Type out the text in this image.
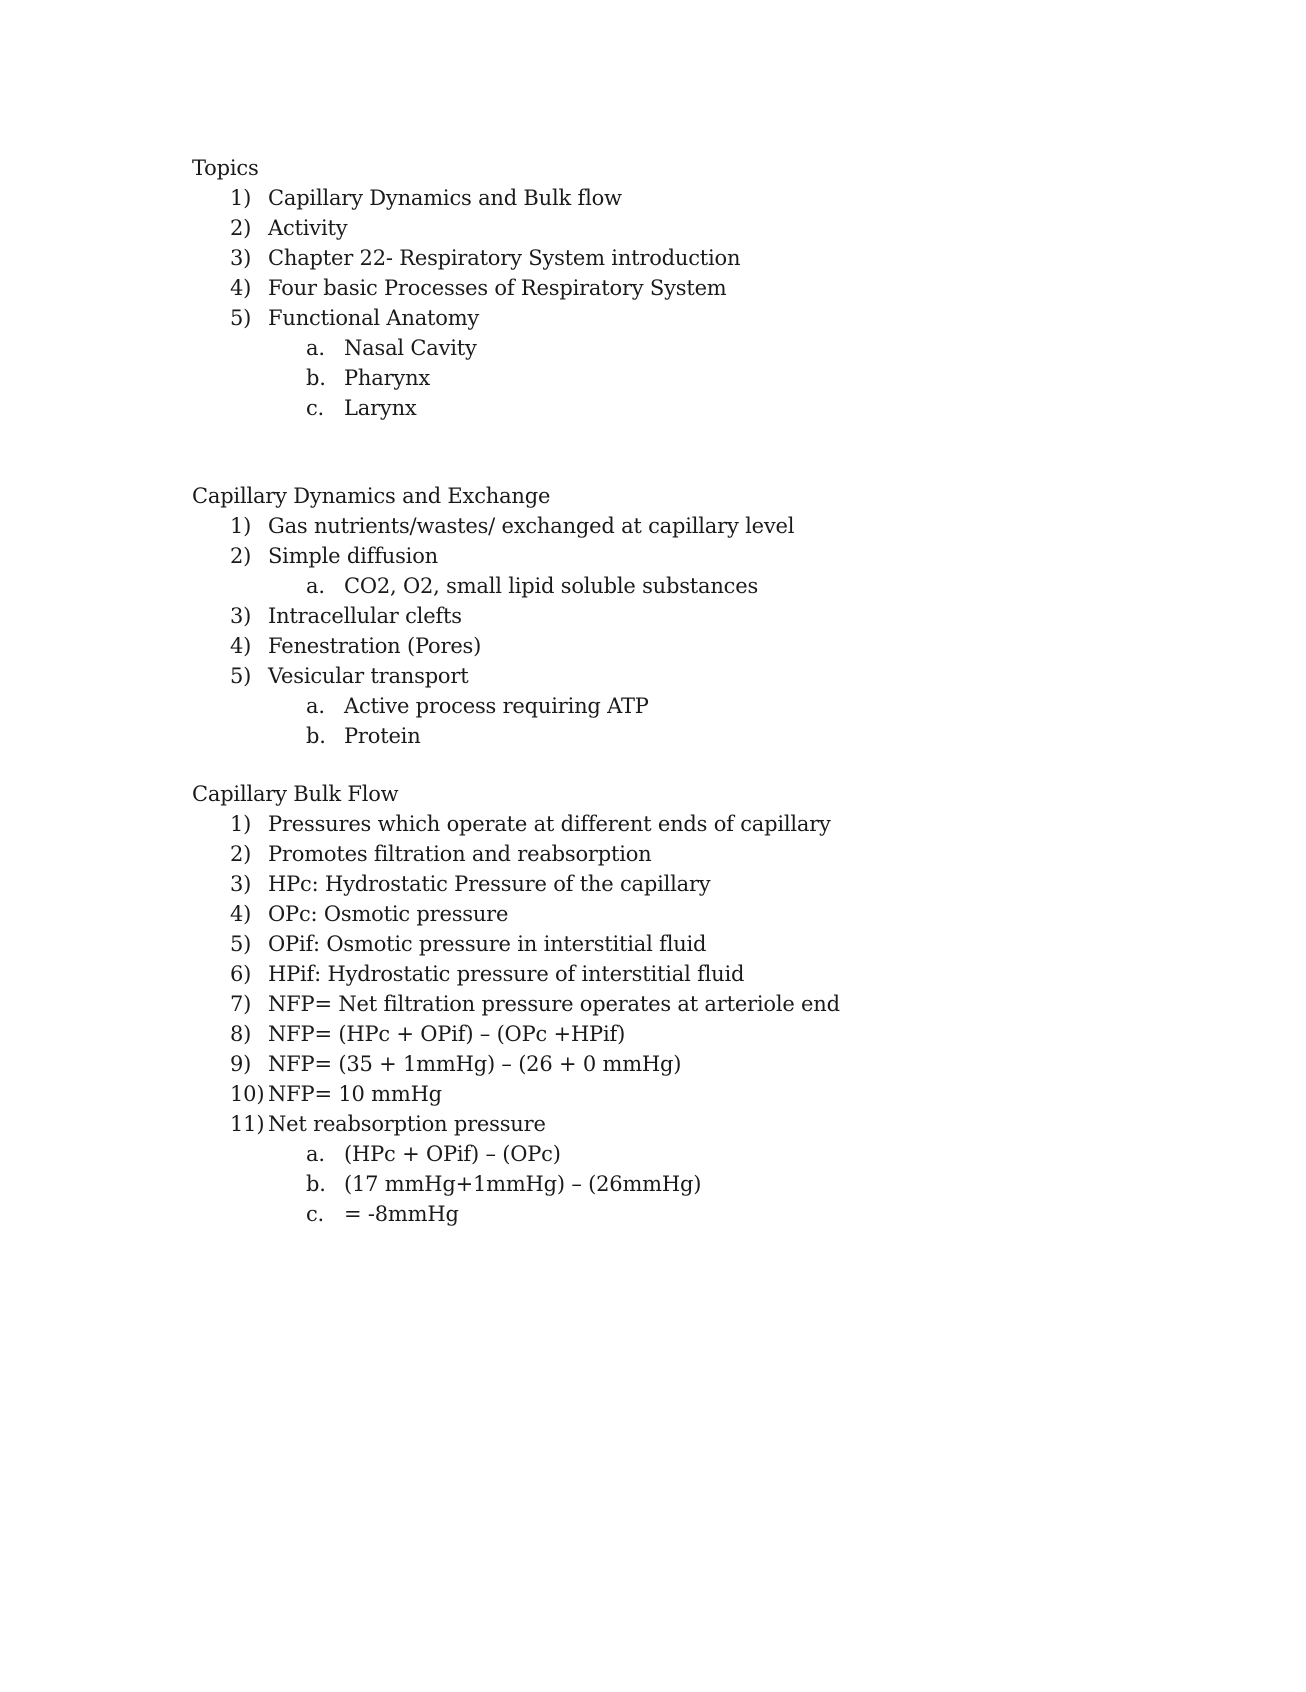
Topics
1) Capillary Dynamics and Bulk flow
2) Activity
3) Chapter 22- Respiratory System introduction
4) Four basic Processes of Respiratory System
5) Functional Anatomy
a. Nasal Cavity
b. Pharynx
c. Larynx
Capillary Dynamics and Exchange
1) Gas nutrients/wastes/ exchanged at capillary level
2) Simple diffusion
a. CO2, O2, small lipid soluble substances
3) Intracellular clefts
4) Fenestration (Pores)
5) Vesicular transport
a. Active process requiring ATP
b. Protein
Capillary Bulk Flow
1) Pressures which operate at different ends of capillary
2) Promotes filtration and reabsorption
3) HPc: Hydrostatic Pressure of the capillary
4) OPc: Osmotic pressure
5) OPif: Osmotic pressure in interstitial fluid
6) HPif: Hydrostatic pressure of interstitial fluid
7) NFP= Net filtration pressure operates at arteriole end
8) NFP= (HPc + OPif) – (OPc +HPif)
9) NFP= (35 + 1mmHg) – (26 + 0 mmHg)
10) NFP= 10 mmHg
11) Net reabsorption pressure
a. (HPc + OPif) – (OPc)
b. (17 mmHg+1mmHg) – (26mmHg)
c. = -8mmHg
